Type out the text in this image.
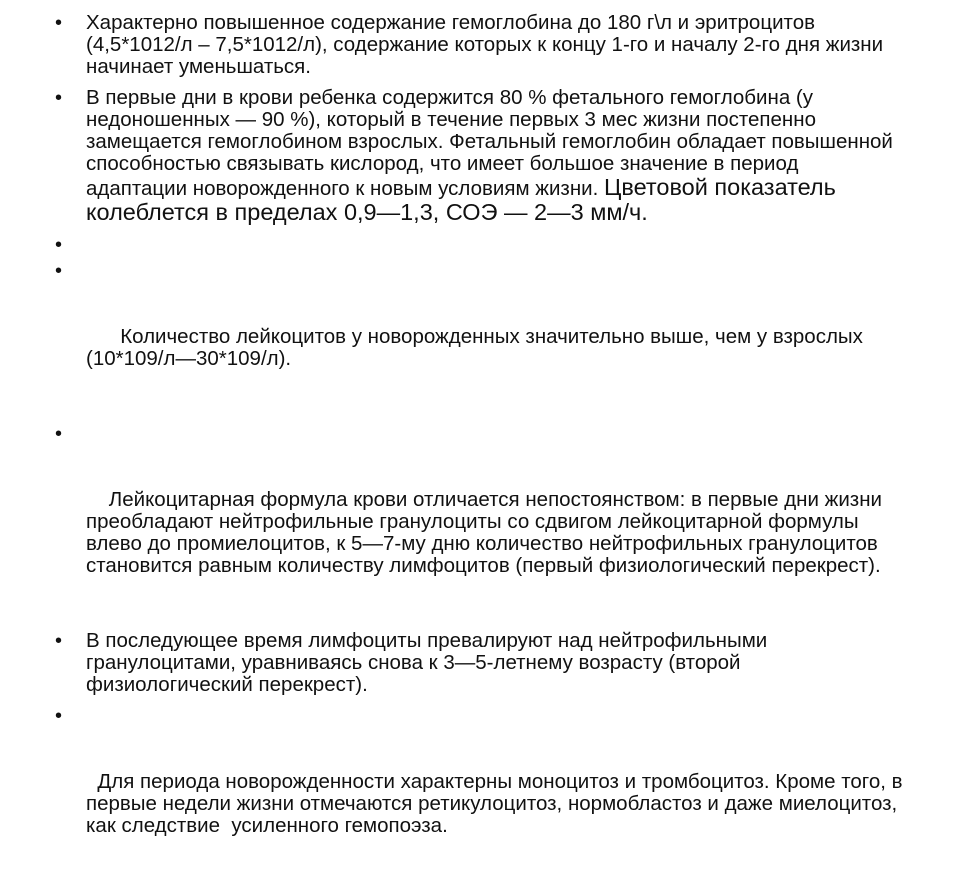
• Характерно повышенное содержание гемоглобина до 180 г\л и эритроцитов (4,5*1012/л – 7,5*1012/л), содержание которых к концу 1-го и началу 2-го дня жизни начинает уменьшаться.
• В первые дни в крови ребенка содержится 80 % фетального гемоглобина (у недоношенных — 90 %), который в течение первых 3 мес жизни постепенно замещается гемоглобином взрослых. Фетальный гемоглобин обладает повышенной способностью связывать кислород, что имеет большое значение в период адаптации новорожденного к новым условиям жизни. Цветовой показатель колеблется в пределах 0,9—1,3, СОЭ — 2—3 мм/ч.
•

•

Количество лейкоцитов у новорожденных значительно выше, чем у взрослых (10*109/л—30*109/л).

•

Лейкоцитарная формула крови отличается непостоянством: в первые дни жизни преобладают нейтрофильные гранулоциты со сдвигом лейкоцитарной формулы влево до промиелоцитов, к 5—7-му дню количество нейтрофильных гранулоцитов становится равным количеству лимфоцитов (первый физиологический перекрест).

• В последующее время лимфоциты превалируют над нейтрофильными гранулоцитами, уравниваясь снова к 3—5-летнему возрасту (второй физиологический перекрест).

•

Для периода новорожденности характерны моноцитоз и тромбоцитоз. Кроме того, в первые недели жизни отмечаются ретикулоцитоз, нормобластоз и даже миелоцитоз, как следствие  усиленного гемопоэза.
